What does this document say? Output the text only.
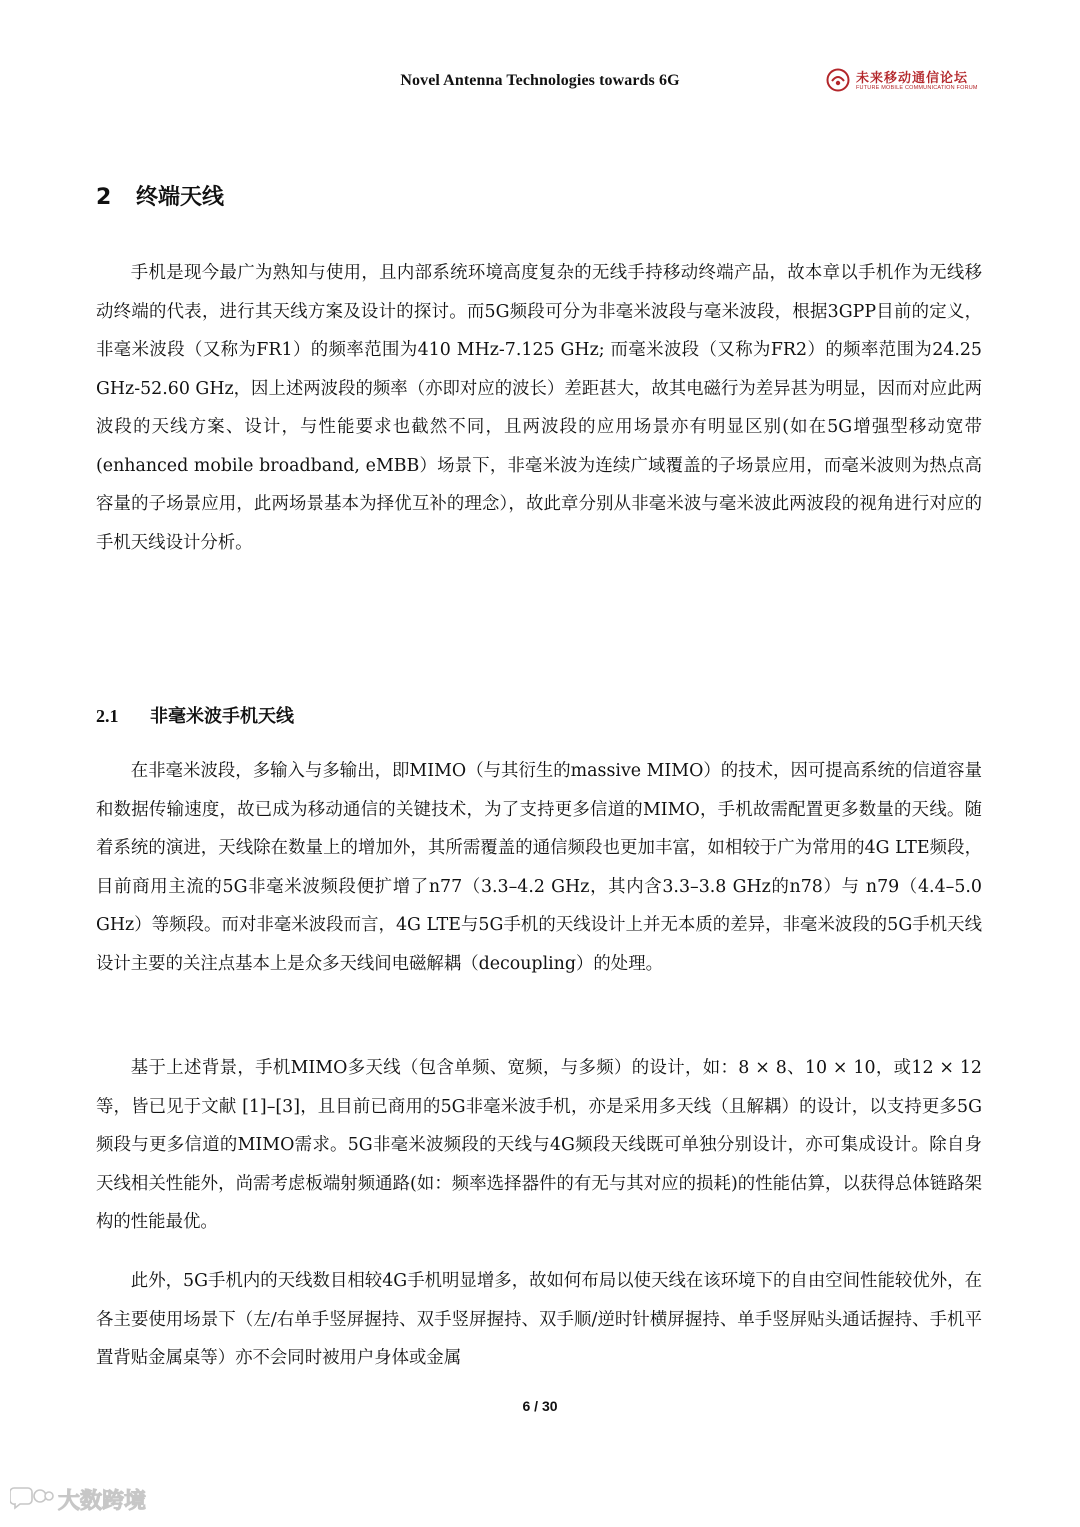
Novel Antenna Technologies towards 6G	未来移动通信论坛
FUTURE MOBILE COMMUNICATION FORUM
2 终端天线

手机是现今最广为熟知与使用，且内部系统环境高度复杂的无线手持移动终端产品，故本章以手机作为无线移动终端的代表，进行其天线方案及设计的探讨。而5G频段可分为非毫米波段与毫米波段，根据3GPP目前的定义，非毫米波段（又称为FR1）的频率范围为410 MHz-7.125 GHz; 而毫米波段（又称为FR2）的频率范围为24.25 GHz-52.60 GHz，因上述两波段的频率（亦即对应的波长）差距甚大，故其电磁行为差异甚为明显，因而对应此两波段的天线方案、设计，与性能要求也截然不同，且两波段的应用场景亦有明显区别(如在5G增强型移动宽带(enhanced mobile broadband, eMBB）场景下，非毫米波为连续广域覆盖的子场景应用，而毫米波则为热点高容量的子场景应用，此两场景基本为择优互补的理念），故此章分别从非毫米波与毫米波此两波段的视角进行对应的手机天线设计分析。

2.1 非毫米波手机天线

在非毫米波段，多输入与多输出，即MIMO（与其衍生的massive MIMO）的技术，因可提高系统的信道容量和数据传输速度，故已成为移动通信的关键技术，为了支持更多信道的MIMO，手机故需配置更多数量的天线。随着系统的演进，天线除在数量上的增加外，其所需覆盖的通信频段也更加丰富，如相较于广为常用的4G LTE频段，目前商用主流的5G非毫米波频段便扩增了n77（3.3–4.2 GHz，其内含3.3–3.8 GHz的n78）与 n79（4.4–5.0 GHz）等频段。而对非毫米波段而言，4G LTE与5G手机的天线设计上并无本质的差异，非毫米波段的5G手机天线设计主要的关注点基本上是众多天线间电磁解耦（decoupling）的处理。

基于上述背景，手机MIMO多天线（包含单频、宽频，与多频）的设计，如：8 × 8、10 × 10，或12 × 12 等，皆已见于文献 [1]–[3]，且目前已商用的5G非毫米波手机，亦是采用多天线（且解耦）的设计，以支持更多5G频段与更多信道的MIMO需求。5G非毫米波频段的天线与4G频段天线既可单独分别设计，亦可集成设计。除自身天线相关性能外，尚需考虑板端射频通路(如：频率选择器件的有无与其对应的损耗)的性能估算，以获得总体链路架构的性能最优。

此外，5G手机内的天线数目相较4G手机明显增多，故如何布局以使天线在该环境下的自由空间性能较优外，在各主要使用场景下（左/右单手竖屏握持、双手竖屏握持、双手顺/逆时针横屏握持、单手竖屏贴头通话握持、手机平置背贴金属桌等）亦不会同时被用户身体或金属

6 / 30
大数跨境
